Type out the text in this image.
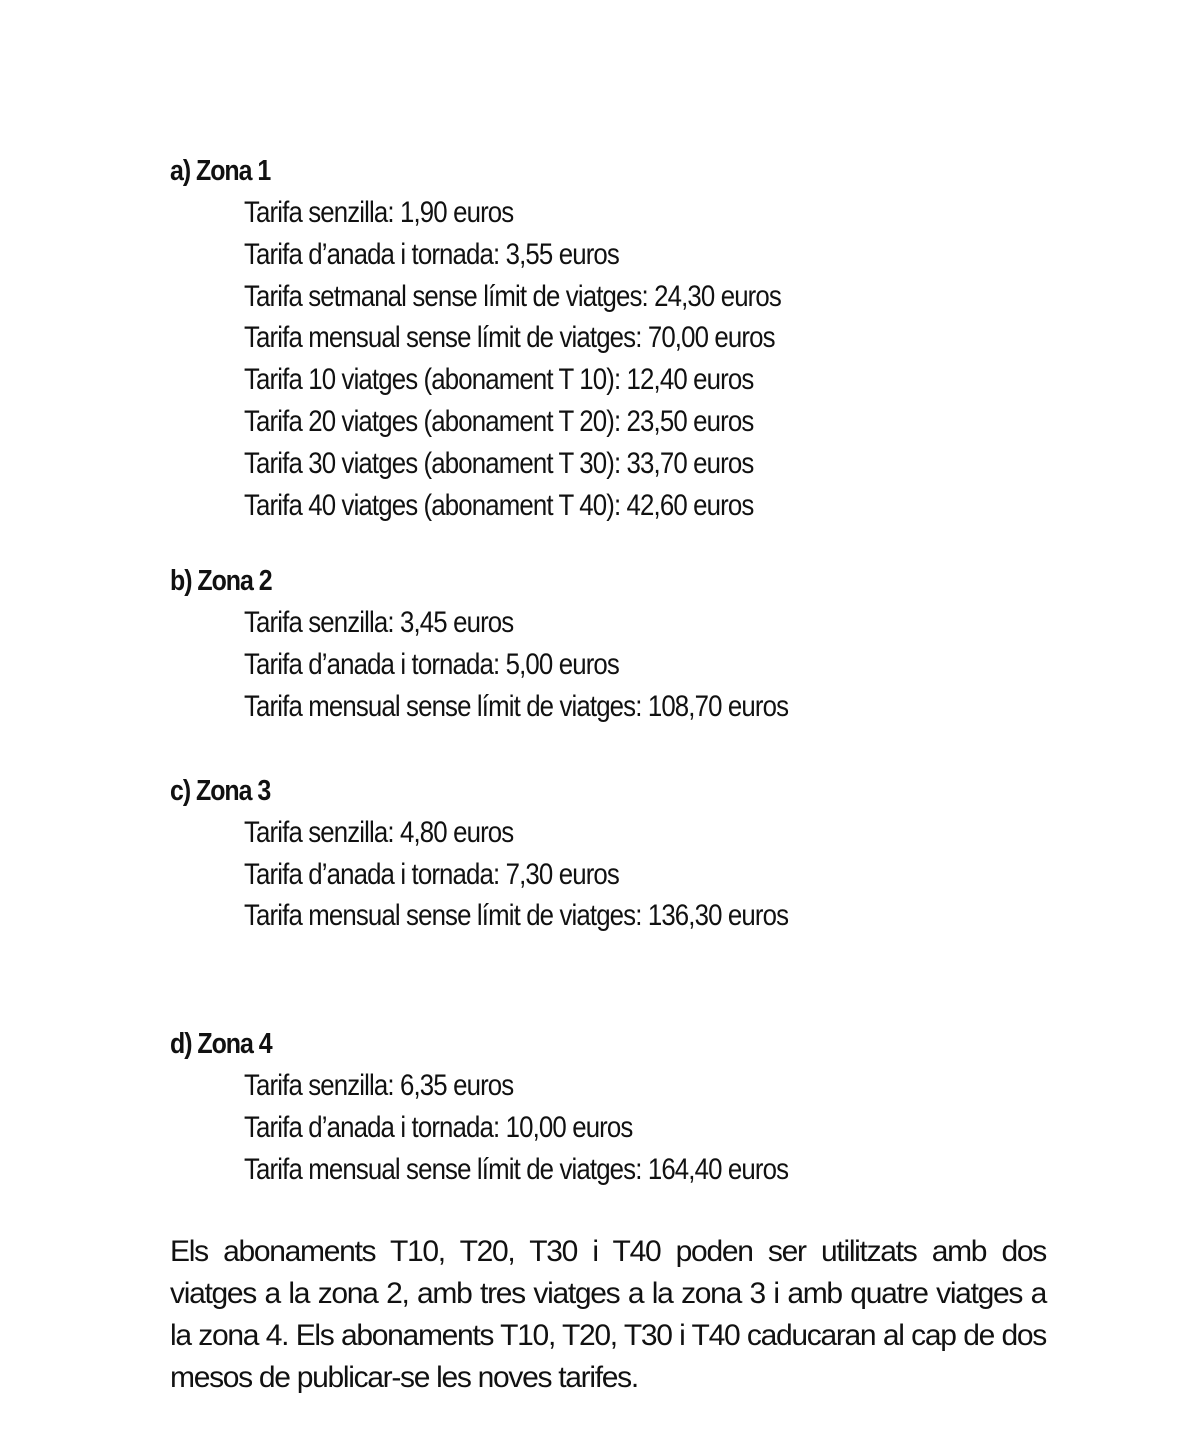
a) Zona 1
Tarifa senzilla: 1,90 euros
Tarifa d’anada i tornada: 3,55 euros
Tarifa setmanal sense límit de viatges: 24,30 euros
Tarifa mensual sense límit de viatges: 70,00 euros
Tarifa 10 viatges (abonament T 10): 12,40 euros
Tarifa 20 viatges (abonament T 20): 23,50 euros
Tarifa 30 viatges (abonament T 30): 33,70 euros
Tarifa 40 viatges (abonament T 40): 42,60 euros
b) Zona 2
Tarifa senzilla: 3,45 euros
Tarifa d’anada i tornada: 5,00 euros
Tarifa mensual sense límit de viatges: 108,70 euros
c) Zona 3
Tarifa senzilla: 4,80 euros
Tarifa d’anada i tornada: 7,30 euros
Tarifa mensual sense límit de viatges: 136,30 euros
d) Zona 4
Tarifa senzilla: 6,35 euros
Tarifa d’anada i tornada: 10,00 euros
Tarifa mensual sense límit de viatges: 164,40 euros

Els abonaments T10, T20, T30 i T40 poden ser utilitzats amb dos viatges a la zona 2, amb tres viatges a la zona 3 i amb quatre viatges a la zona 4. Els abonaments T10, T20, T30 i T40 caducaran al cap de dos mesos de publicar-se les noves tarifes.
